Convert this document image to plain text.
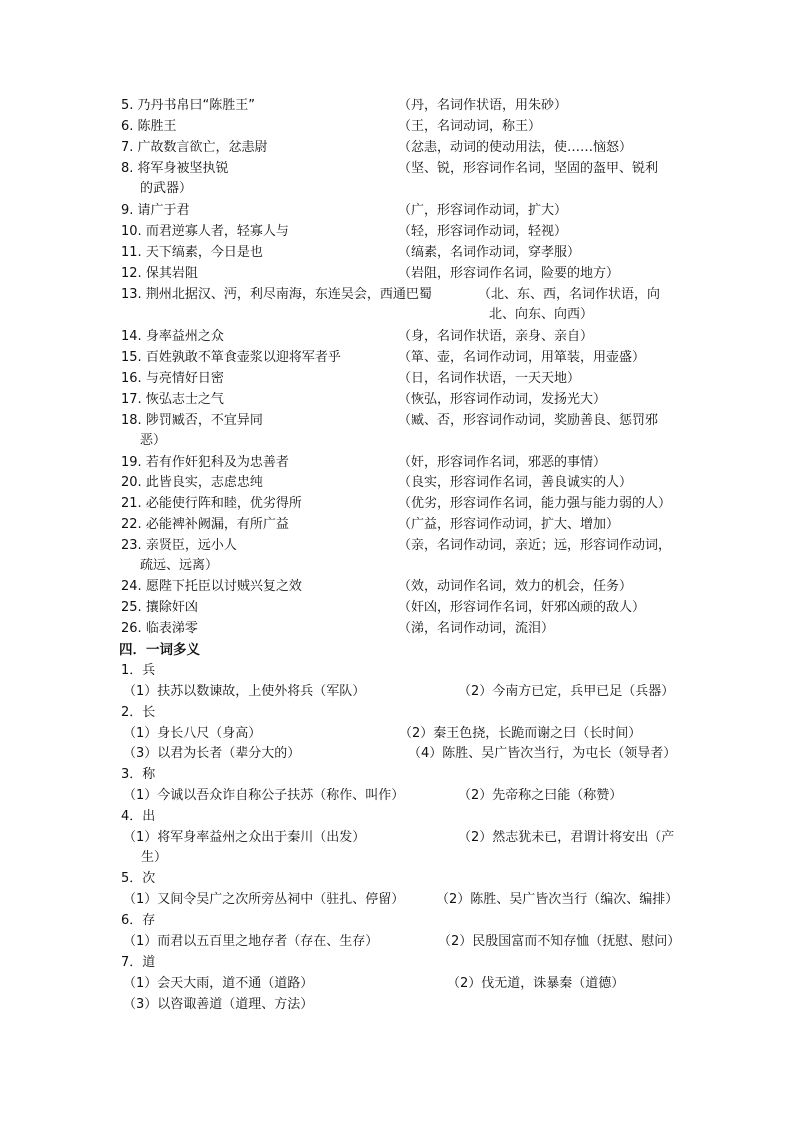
5. 乃丹书帛曰“陈胜王”	（丹，名词作状语，用朱砂）
6. 陈胜王	（王，名词动词，称王）
7. 广故数言欲亡，忿恚尉	（忿恚，动词的使动用法，使……恼怒）
8. 将军身被坚执锐	（坚、锐，形容词作名词，坚固的盔甲、锐利
的武器）
9. 请广于君	（广，形容词作动词，扩大）
10. 而君逆寡人者，轻寡人与	（轻，形容词作动词，轻视）
11. 天下缟素，今日是也	（缟素，名词作动词，穿孝服）
12. 保其岩阻	（岩阻，形容词作名词，险要的地方）
13. 荆州北据汉、沔，利尽南海，东连吴会，西通巴蜀	（北、东、西，名词作状语，向
北、向东、向西）
14. 身率益州之众	（身，名词作状语，亲身、亲自）
15. 百姓孰敢不箪食壶浆以迎将军者乎	（箪、壶，名词作动词，用箪装，用壶盛）
16. 与亮情好日密	（日，名词作状语，一天天地）
17. 恢弘志士之气	（恢弘，形容词作动词，发扬光大）
18. 陟罚臧否，不宜异同	（臧、否，形容词作动词，奖励善良、惩罚邪
恶）
19. 若有作奸犯科及为忠善者	（奸，形容词作名词，邪恶的事情）
20. 此皆良实，志虑忠纯	（良实，形容词作名词，善良诚实的人）
21. 必能使行阵和睦，优劣得所	（优劣，形容词作名词，能力强与能力弱的人）
22. 必能裨补阙漏，有所广益	（广益，形容词作动词，扩大、增加）
23. 亲贤臣，远小人	（亲，名词作动词，亲近；远，形容词作动词，
疏远、远离）
24. 愿陛下托臣以讨贼兴复之效	（效，动词作名词，效力的机会，任务）
25. 攘除奸凶	（奸凶，形容词作名词，奸邪凶顽的敌人）
26. 临表涕零	（涕，名词作动词，流泪）
四．一词多义
1．兵
（1）扶苏以数谏故，上使外将兵（军队）	（2）今南方已定，兵甲已足（兵器）
2．长
（1）身长八尺（身高）	（2）秦王色挠，长跪而谢之曰（长时间）
（3）以君为长者（辈分大的）	（4）陈胜、吴广皆次当行，为屯长（领导者）
3．称
（1）今诚以吾众诈自称公子扶苏（称作、叫作）	（2）先帝称之曰能（称赞）
4．出
（1）将军身率益州之众出于秦川（出发）	（2）然志犹未已，君谓计将安出（产
生）
5．次
（1）又间令吴广之次所旁丛祠中（驻扎、停留） （2）陈胜、吴广皆次当行（编次、编排）
6．存
（1）而君以五百里之地存者（存在、生存）	（2）民殷国富而不知存恤（抚慰、慰问）
7．道
（1）会天大雨，道不通（道路）	（2）伐无道，诛暴秦（道德）
（3）以咨诹善道（道理、方法）
